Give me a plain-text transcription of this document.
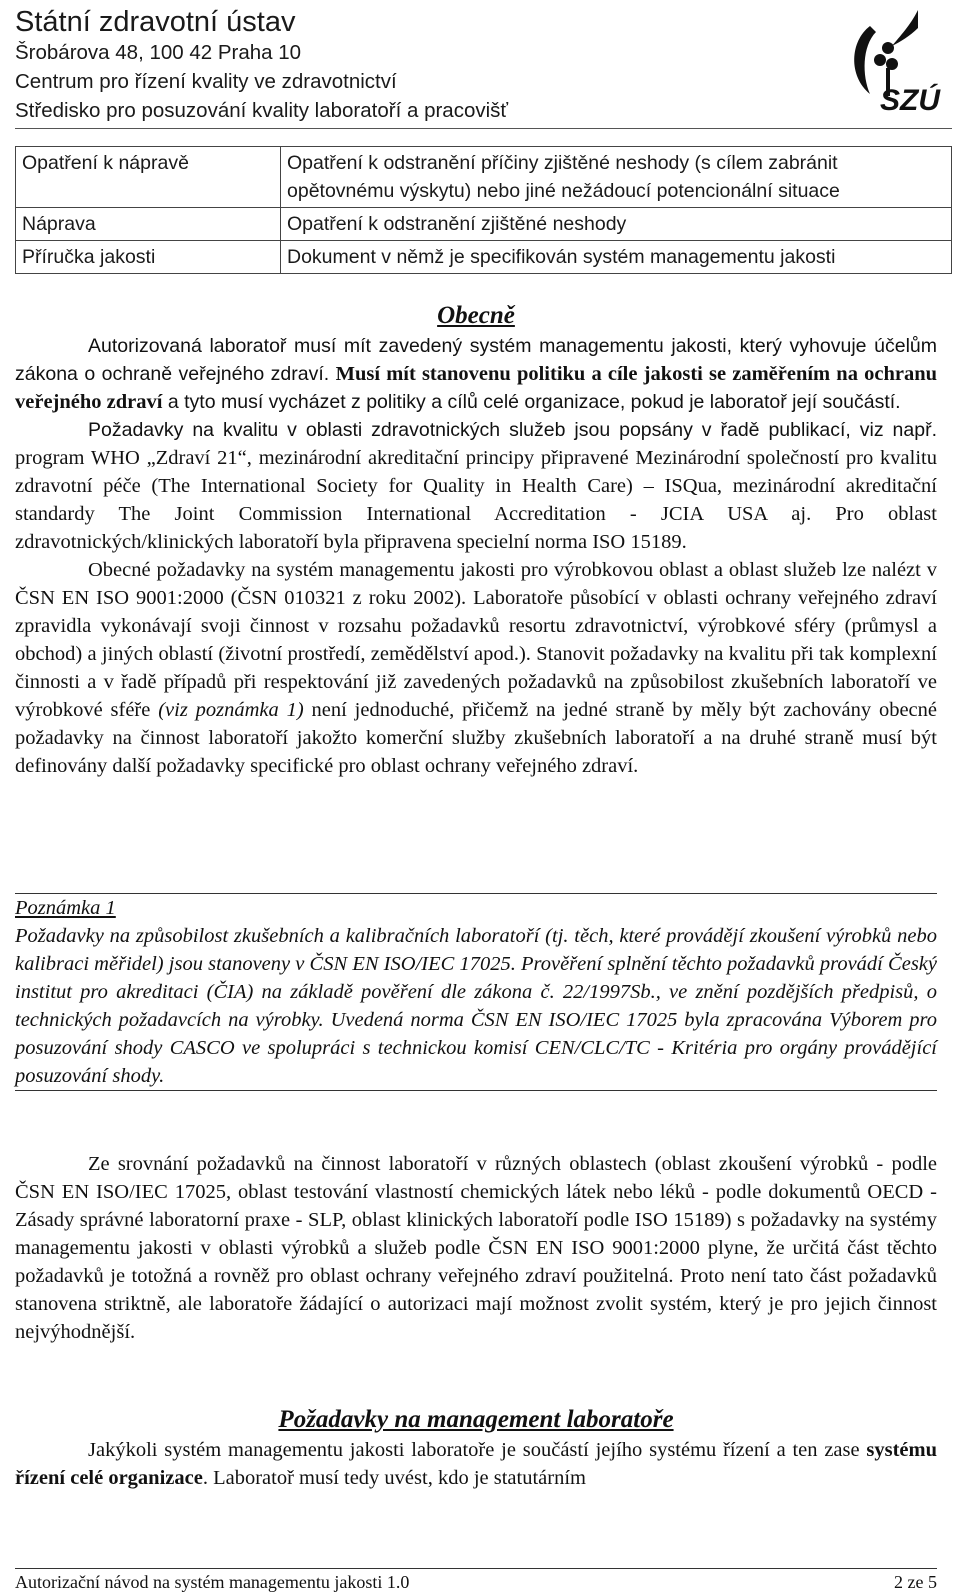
Státní zdravotní ústav

Šrobárova 48, 100 42 Praha 10

Centrum pro řízení kvality ve zdravotnictví

Středisko pro posuzování kvality laboratoří a pracovišť	SZÚ
Opatření k nápravě	Opatření k odstranění příčiny zjištěné neshody (s cílem zabránit opětovnému výskytu) nebo jiné nežádoucí potencionální situace
Náprava	Opatření k odstranění zjištěné neshody
Příručka jakosti	Dokument v němž je specifikován systém managementu jakosti

Obecně

Autorizovaná laboratoř musí mít zavedený systém managementu jakosti, který vyhovuje účelům zákona o ochraně veřejného zdraví. Musí mít stanovenu politiku a cíle jakosti se zaměřením na ochranu veřejného zdraví a tyto musí vycházet z politiky a cílů celé organizace, pokud je laboratoř její součástí.

Požadavky na kvalitu v oblasti zdravotnických služeb jsou popsány v řadě publikací, viz např. program WHO „Zdraví 21“, mezinárodní akreditační principy připravené Mezinárodní společností pro kvalitu zdravotní péče (The International Society for Quality in Health Care) – ISQua, mezinárodní akreditační standardy The Joint Commission International Accreditation - JCIA USA aj. Pro oblast zdravotnických/klinických laboratoří byla připravena specielní norma ISO 15189.

Obecné požadavky na systém managementu jakosti pro výrobkovou oblast a oblast služeb lze nalézt v ČSN EN ISO 9001:2000 (ČSN 010321 z roku 2002). Laboratoře působící v oblasti ochrany veřejného zdraví zpravidla vykonávají svoji činnost v rozsahu požadavků resortu zdravotnictví, výrobkové sféry (průmysl a obchod) a jiných oblastí (životní prostředí, zemědělství apod.). Stanovit požadavky na kvalitu při tak komplexní činnosti a v řadě případů při respektování již zavedených požadavků na způsobilost zkušebních laboratoří ve výrobkové sféře (viz poznámka 1) není jednoduché, přičemž na jedné straně by měly být zachovány obecné požadavky na činnost laboratoří jakožto komerční služby zkušebních laboratoří a na druhé straně musí být definovány další požadavky specifické pro oblast ochrany veřejného zdraví.

Poznámka 1

Požadavky na způsobilost zkušebních a kalibračních laboratoří (tj. těch, které provádějí zkoušení výrobků nebo kalibraci měřidel) jsou stanoveny v ČSN EN ISO/IEC 17025. Prověření splnění těchto požadavků provádí Český institut pro akreditaci (ČIA) na základě pověření dle zákona č. 22/1997Sb., ve znění pozdějších předpisů, o technických požadavcích na výrobky. Uvedená norma ČSN EN ISO/IEC 17025 byla zpracována Výborem pro posuzování shody CASCO ve spolupráci s technickou komisí CEN/CLC/TC - Kritéria pro orgány provádějící posuzování shody.

Ze srovnání požadavků na činnost laboratoří v různých oblastech (oblast zkoušení výrobků - podle ČSN EN ISO/IEC 17025, oblast testování vlastností chemických látek nebo léků - podle dokumentů OECD - Zásady správné laboratorní praxe - SLP, oblast klinických laboratoří podle ISO 15189) s požadavky na systémy managementu jakosti v oblasti výrobků a služeb podle ČSN EN ISO 9001:2000 plyne, že určitá část těchto požadavků je totožná a rovněž pro oblast ochrany veřejného zdraví použitelná. Proto není tato část požadavků stanovena striktně, ale laboratoře žádající o autorizaci mají možnost zvolit systém, který je pro jejich činnost nejvýhodnější.

Požadavky na management laboratoře

Jakýkoli systém managementu jakosti laboratoře je součástí jejího systému řízení a ten zase systému řízení celé organizace. Laboratoř musí tedy uvést, kdo je statutárním

Autorizační návod na systém managementu jakosti 1.0	2 ze 5
